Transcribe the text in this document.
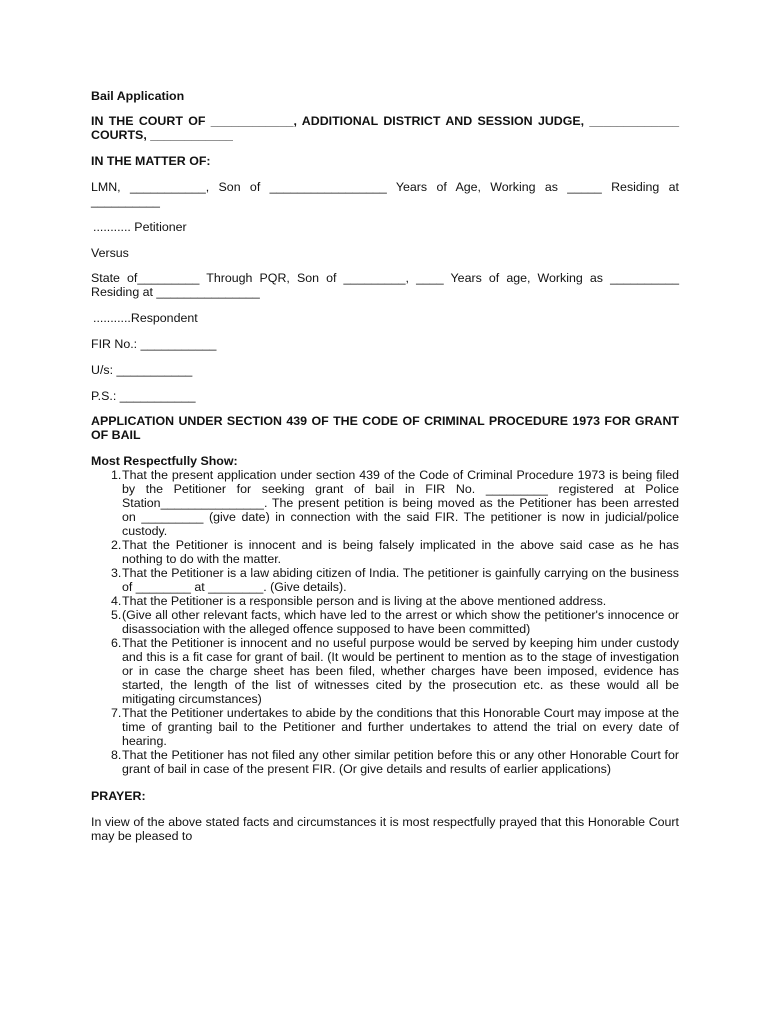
Bail Application

IN THE COURT OF ____________, ADDITIONAL DISTRICT AND SESSION JUDGE, _____________ COURTS, ____________

IN THE MATTER OF:

LMN, ___________, Son of _________________ Years of Age, Working as _____ Residing at __________

........... Petitioner

Versus

State of_________ Through PQR, Son of _________, ____ Years of age, Working as __________ Residing at _______________

...........Respondent

FIR No.: ___________

U/s: ___________

P.S.: ___________

APPLICATION UNDER SECTION 439 OF THE CODE OF CRIMINAL PROCEDURE 1973 FOR GRANT OF BAIL

Most Respectfully Show:

1. That the present application under section 439 of the Code of Criminal Procedure 1973 is being filed by the Petitioner for seeking grant of bail in FIR No. _________ registered at Police Station_______________. The present petition is being moved as the Petitioner has been arrested on _________ (give date) in connection with the said FIR. The petitioner is now in judicial/police custody.
2. That the Petitioner is innocent and is being falsely implicated in the above said case as he has nothing to do with the matter.
3. That the Petitioner is a law abiding citizen of India. The petitioner is gainfully carrying on the business of ________ at ________. (Give details).
4. That the Petitioner is a responsible person and is living at the above mentioned address.
5. (Give all other relevant facts, which have led to the arrest or which show the petitioner's innocence or disassociation with the alleged offence supposed to have been committed)
6. That the Petitioner is innocent and no useful purpose would be served by keeping him under custody and this is a fit case for grant of bail. (It would be pertinent to mention as to the stage of investigation or in case the charge sheet has been filed, whether charges have been imposed, evidence has started, the length of the list of witnesses cited by the prosecution etc. as these would all be mitigating circumstances)
7. That the Petitioner undertakes to abide by the conditions that this Honorable Court may impose at the time of granting bail to the Petitioner and further undertakes to attend the trial on every date of hearing.
8. That the Petitioner has not filed any other similar petition before this or any other Honorable Court for grant of bail in case of the present FIR. (Or give details and results of earlier applications)

PRAYER:

In view of the above stated facts and circumstances it is most respectfully prayed that this Honorable Court may be pleased to
